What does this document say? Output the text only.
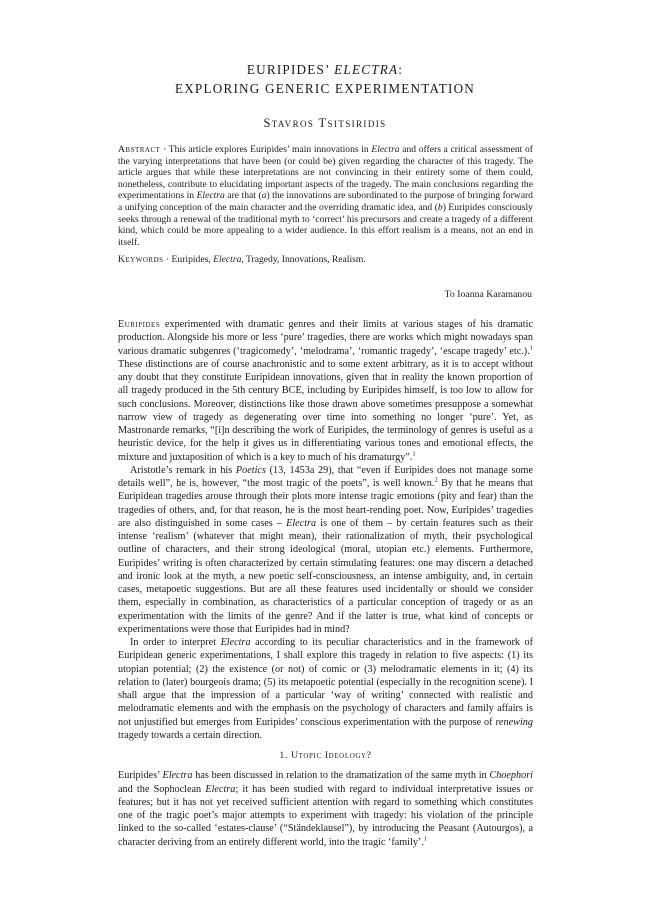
EURIPIDES’ ELECTRA:
EXPLORING GENERIC EXPERIMENTATION
Stavros Tsitsiridis
Abstract · This article explores Euripides’ main innovations in Electra and offers a critical assessment of the varying interpretations that have been (or could be) given regarding the character of this tragedy. The article argues that while these interpretations are not convincing in their entirety some of them could, nonetheless, contribute to elucidating important aspects of the tragedy. The main conclusions regarding the experimentations in Electra are that (a) the innovations are subordinated to the purpose of bringing forward a unifying conception of the main character and the overriding dramatic idea, and (b) Euripides consciously seeks through a renewal of the traditional myth to ‘correct’ his precursors and create a tragedy of a different kind, which could be more appealing to a wider audience. In this effort realism is a means, not an end in itself.
Keywords · Euripides, Electra, Tragedy, Innovations, Realism.
To Ioanna Karamanou

Euripides experimented with dramatic genres and their limits at various stages of his dramatic production. Alongside his more or less ‘pure’ tragedies, there are works which might nowadays span various dramatic subgenres (‘tragicomedy’, ‘melodrama’, ‘romantic tragedy’, ‘escape tragedy’ etc.).$^1$ These distinctions are of course anachronistic and to some extent arbitrary, as it is to accept without any doubt that they constitute Euripidean innovations, given that in reality the known proportion of all tragedy produced in the 5th century BCE, including by Euripides himself, is too low to allow for such conclusions. Moreover, distinctions like those drawn above sometimes presuppose a somewhat narrow view of tragedy as degenerating over time into something no longer ‘pure’. Yet, as Mastronarde remarks, “[i]n describing the work of Euripides, the terminology of genres is useful as a heuristic device, for the help it gives us in differentiating various tones and emotional effects, the mixture and juxtaposition of which is a key to much of his dramaturgy”.$^1$

Aristotle’s remark in his Poetics (13, 1453a 29), that “even if Euripides does not manage some details well”, he is, however, “the most tragic of the poets”, is well known.$^2$ By that he means that Euripidean tragedies arouse through their plots more intense tragic emotions (pity and fear) than the tragedies of others, and, for that reason, he is the most heart-rending poet. Now, Euripides’ tragedies are also distinguished in some cases – Electra is one of them – by certain features such as their intense ‘realism’ (whatever that might mean), their rationalization of myth, their psychological outline of characters, and their strong ideological (moral, utopian etc.) elements. Furthermore, Euripides’ writing is often characterized by certain stimulating features: one may discern a detached and ironic look at the myth, a new poetic self-consciousness, an intense ambiguity, and, in certain cases, metapoetic suggestions. But are all these features used incidentally or should we consider them, especially in combination, as characteristics of a particular conception of tragedy or as an experimentation with the limits of the genre? And if the latter is true, what kind of concepts or experimentations were those that Euripides had in mind?

In order to interpret Electra according to its peculiar characteristics and in the framework of Euripidean generic experimentations, I shall explore this tragedy in relation to five aspects: (1) its utopian potential; (2) the existence (or not) of comic or (3) melodramatic elements in it; (4) its relation to (later) bourgeois drama; (5) its metapoetic potential (especially in the recognition scene). I shall argue that the impression of a particular ‘way of writing’ connected with realistic and melodramatic elements and with the emphasis on the psychology of characters and family affairs is not unjustified but emerges from Euripides’ conscious experimentation with the purpose of renewing tragedy towards a certain direction.

1. Utopic Ideology?

Euripides’ Electra has been discussed in relation to the dramatization of the same myth in Choephori and the Sophoclean Electra; it has been studied with regard to individual interpretative issues or features; but it has not yet received sufficient attention with regard to something which constitutes one of the tragic poet’s major attempts to experiment with tragedy: his violation of the principle linked to the so-called ‘estates-clause’ (“Ständeklausel”), by introducing the Peasant (Autourgos), a character deriving from an entirely different world, into the tragic ‘family’.$^1$
